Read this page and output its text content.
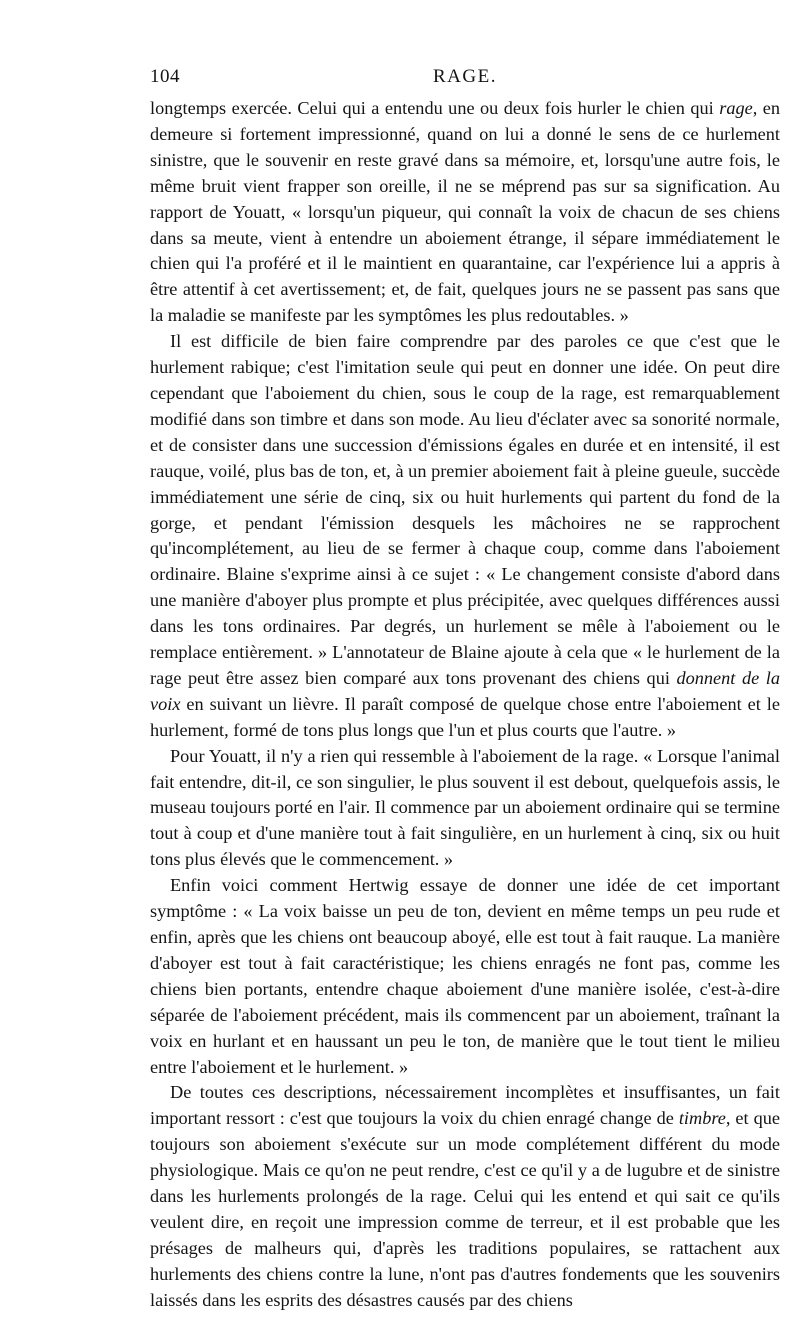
104	RAGE.

longtemps exercée. Celui qui a entendu une ou deux fois hurler le chien qui rage, en demeure si fortement impressionné, quand on lui a donné le sens de ce hurlement sinistre, que le souvenir en reste gravé dans sa mémoire, et, lorsqu'une autre fois, le même bruit vient frapper son oreille, il ne se méprend pas sur sa signification. Au rapport de Youatt, « lorsqu'un piqueur, qui connaît la voix de chacun de ses chiens dans sa meute, vient à entendre un aboiement étrange, il sépare immédiatement le chien qui l'a proféré et il le maintient en quarantaine, car l'expérience lui a appris à être attentif à cet avertissement; et, de fait, quelques jours ne se passent pas sans que la maladie se manifeste par les symptômes les plus redoutables. »

Il est difficile de bien faire comprendre par des paroles ce que c'est que le hurlement rabique; c'est l'imitation seule qui peut en donner une idée. On peut dire cependant que l'aboiement du chien, sous le coup de la rage, est remarquablement modifié dans son timbre et dans son mode. Au lieu d'éclater avec sa sonorité normale, et de consister dans une succession d'émissions égales en durée et en intensité, il est rauque, voilé, plus bas de ton, et, à un premier aboiement fait à pleine gueule, succède immédiatement une série de cinq, six ou huit hurlements qui partent du fond de la gorge, et pendant l'émission desquels les mâchoires ne se rapprochent qu'incomplétement, au lieu de se fermer à chaque coup, comme dans l'aboiement ordinaire. Blaine s'exprime ainsi à ce sujet : « Le changement consiste d'abord dans une manière d'aboyer plus prompte et plus précipitée, avec quelques différences aussi dans les tons ordinaires. Par degrés, un hurlement se mêle à l'aboiement ou le remplace entièrement. » L'annotateur de Blaine ajoute à cela que « le hurlement de la rage peut être assez bien comparé aux tons provenant des chiens qui donnent de la voix en suivant un lièvre. Il paraît composé de quelque chose entre l'aboiement et le hurlement, formé de tons plus longs que l'un et plus courts que l'autre. »

Pour Youatt, il n'y a rien qui ressemble à l'aboiement de la rage. « Lorsque l'animal fait entendre, dit-il, ce son singulier, le plus souvent il est debout, quelquefois assis, le museau toujours porté en l'air. Il commence par un aboiement ordinaire qui se termine tout à coup et d'une manière tout à fait singulière, en un hurlement à cinq, six ou huit tons plus élevés que le commencement. »

Enfin voici comment Hertwig essaye de donner une idée de cet important symptôme : « La voix baisse un peu de ton, devient en même temps un peu rude et enfin, après que les chiens ont beaucoup aboyé, elle est tout à fait rauque. La manière d'aboyer est tout à fait caractéristique; les chiens enragés ne font pas, comme les chiens bien portants, entendre chaque aboiement d'une manière isolée, c'est-à-dire séparée de l'aboiement précédent, mais ils commencent par un aboiement, traînant la voix en hurlant et en haussant un peu le ton, de manière que le tout tient le milieu entre l'aboiement et le hurlement. »

De toutes ces descriptions, nécessairement incomplètes et insuffisantes, un fait important ressort : c'est que toujours la voix du chien enragé change de timbre, et que toujours son aboiement s'exécute sur un mode complétement différent du mode physiologique. Mais ce qu'on ne peut rendre, c'est ce qu'il y a de lugubre et de sinistre dans les hurlements prolongés de la rage. Celui qui les entend et qui sait ce qu'ils veulent dire, en reçoit une impression comme de terreur, et il est probable que les présages de malheurs qui, d'après les traditions populaires, se rattachent aux hurlements des chiens contre la lune, n'ont pas d'autres fondements que les souvenirs laissés dans les esprits des désastres causés par des chiens
